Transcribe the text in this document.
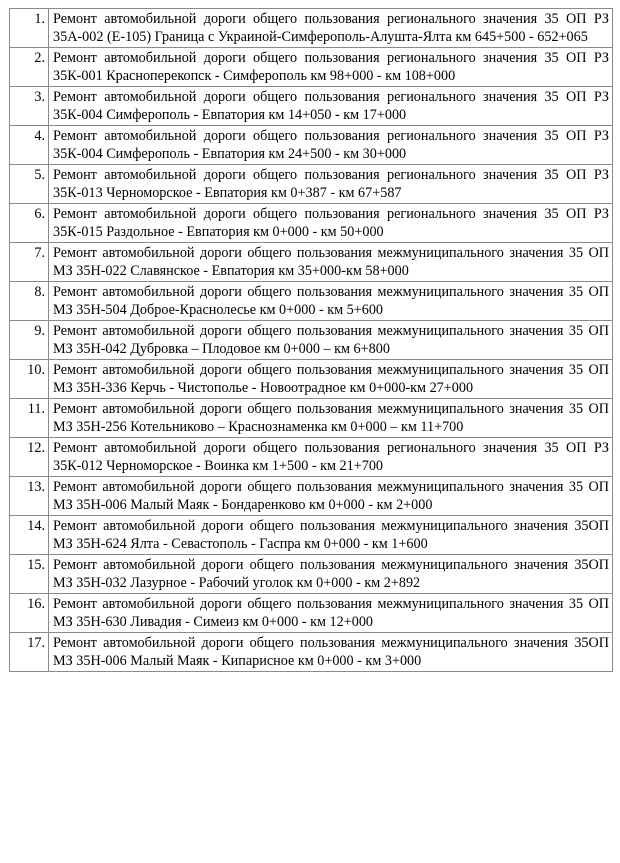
1.	Ремонт автомобильной дороги общего пользования регионального значения 35 ОП РЗ 35А-002 (Е-105) Граница с Украиной-Симферополь-Алушта-Ялта км 645+500 - 652+065
2.	Ремонт автомобильной дороги общего пользования регионального значения 35 ОП РЗ 35К-001 Красноперекопск - Симферополь км 98+000 - км 108+000
3.	Ремонт автомобильной дороги общего пользования регионального значения 35 ОП РЗ 35К-004 Симферополь - Евпатория км 14+050 - км 17+000
4.	Ремонт автомобильной дороги общего пользования регионального значения 35 ОП РЗ 35К-004 Симферополь - Евпатория км 24+500 - км 30+000
5.	Ремонт автомобильной дороги общего пользования регионального значения 35 ОП РЗ 35К-013 Черноморское - Евпатория км 0+387 - км 67+587
6.	Ремонт автомобильной дороги общего пользования регионального значения 35 ОП РЗ 35К-015 Раздольное - Евпатория км 0+000 - км 50+000
7.	Ремонт автомобильной дороги общего пользования межмуниципального значения 35 ОП МЗ 35Н-022 Славянское - Евпатория км 35+000-км 58+000
8.	Ремонт автомобильной дороги общего пользования межмуниципального значения 35 ОП МЗ 35Н-504 Доброе-Краснолесье км 0+000 - км 5+600
9.	Ремонт автомобильной дороги общего пользования межмуниципального значения 35 ОП МЗ 35Н-042 Дубровка – Плодовое км 0+000 – км 6+800
10.	Ремонт автомобильной дороги общего пользования межмуниципального значения 35 ОП МЗ 35Н-336 Керчь - Чистополье - Новоотрадное км 0+000-км 27+000
11.	Ремонт автомобильной дороги общего пользования межмуниципального значения 35 ОП МЗ 35Н-256 Котельниково – Краснознаменка км 0+000 – км 11+700
12.	Ремонт автомобильной дороги общего пользования регионального значения 35 ОП РЗ 35К-012 Черноморское - Воинка км 1+500 - км 21+700
13.	Ремонт автомобильной дороги общего пользования межмуниципального значения 35 ОП МЗ 35Н-006 Малый Маяк - Бондаренково км 0+000 - км 2+000
14.	Ремонт автомобильной дороги общего пользования межмуниципального значения 35ОП МЗ 35Н-624 Ялта - Севастополь - Гаспра км 0+000 - км 1+600
15.	Ремонт автомобильной дороги общего пользования межмуниципального значения 35ОП МЗ 35Н-032 Лазурное - Рабочий уголок км 0+000 - км 2+892
16.	Ремонт автомобильной дороги общего пользования межмуниципального значения 35 ОП МЗ 35Н-630 Ливадия - Симеиз км 0+000 - км 12+000
17.	Ремонт автомобильной дороги общего пользования межмуниципального значения 35ОП МЗ 35Н-006 Малый Маяк - Кипарисное км 0+000 - км 3+000
